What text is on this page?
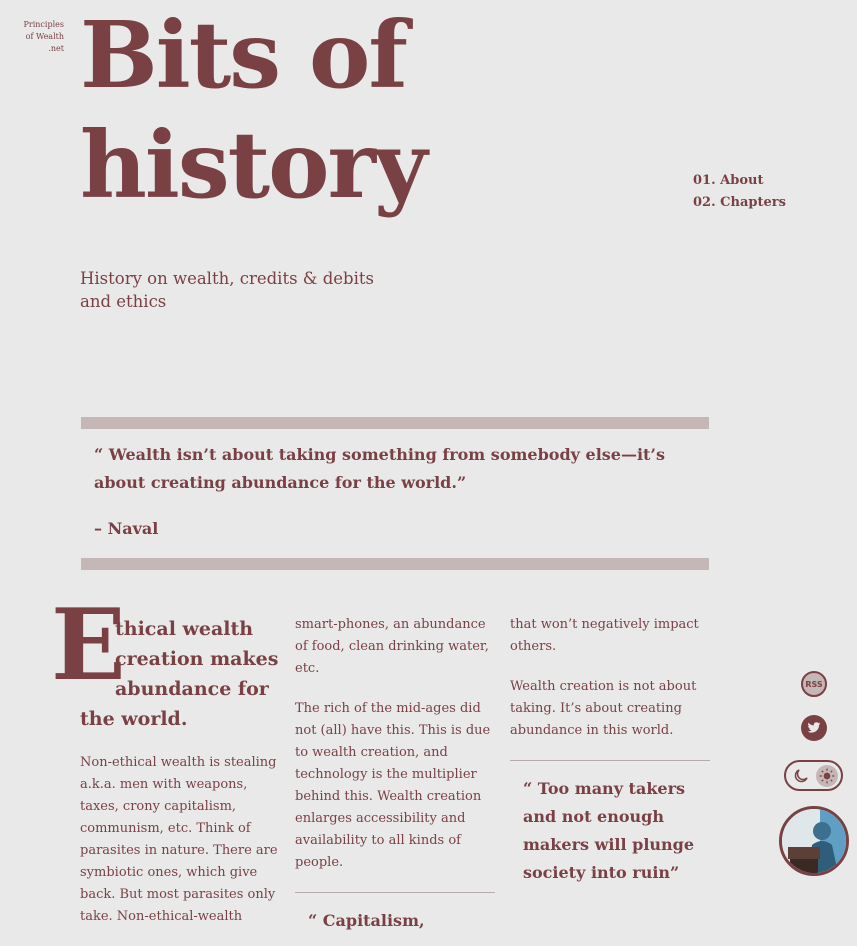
Principles
of Wealth
.net Bits of
history	01. About
02. Chapters
History on wealth, credits & debits and ethics
“ Wealth isn’t about taking something from somebody else—it’s about creating abundance for the world.”
– Naval
E
thical wealth
creation makes
abundance for
the world.

Non-ethical wealth is stealing a.k.a. men with weapons, taxes, crony capitalism, communism, etc. Think of parasites in nature. There are symbiotic ones, which give back. But most parasites only take. Non-ethical-wealth

smart-phones, an abundance of food, clean drinking water, etc.

The rich of the mid-ages did not (all) have this. This is due to wealth creation, and technology is the multiplier behind this. Wealth creation enlarges accessibility and availability to all kinds of people.

“ Capitalism,

that won’t negatively impact others.

Wealth creation is not about taking. It’s about creating abundance in this world.

“ Too many takers and not enough makers will plunge society into ruin”
RSS
